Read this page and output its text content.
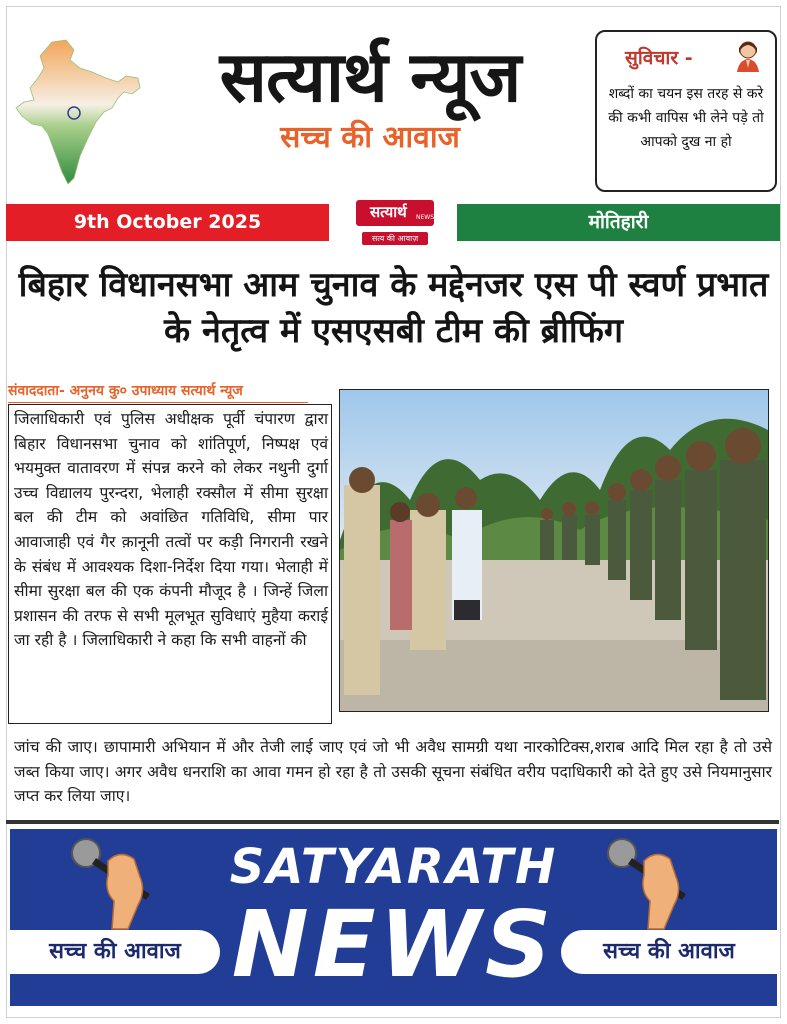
सत्यार्थ न्यूज
सच्च की आवाज
सुविचार -
शब्दों का चयन इस तरह से करे की कभी वापिस भी लेने पड़े तो आपको दुख ना हो
9th October 2025	सत्यार्थ NEWS
सत्य की आवाज़
मोतिहारी
बिहार विधानसभा आम चुनाव के मद्देनजर एस पी स्वर्ण प्रभात के नेतृत्व में एसएसबी टीम की ब्रीफिंग
संवाददाता- अनुनय कु० उपाध्याय सत्यार्थ न्यूज
जिलाधिकारी एवं पुलिस अधीक्षक पूर्वी चंपारण द्वारा बिहार विधानसभा चुनाव को शांतिपूर्ण, निष्पक्ष एवं भयमुक्त वातावरण में संपन्न करने को लेकर नथुनी दुर्गा उच्च विद्यालय पुरन्दरा, भेलाही रक्सौल में सीमा सुरक्षा बल की टीम को अवांछित गतिविधि, सीमा पार आवाजाही एवं गैर क़ानूनी तत्वों पर कड़ी निगरानी रखने के संबंध में आवश्यक दिशा-निर्देश दिया गया। भेलाही में सीमा सुरक्षा बल की एक कंपनी मौजूद है । जिन्हें जिला प्रशासन की तरफ से सभी मूलभूत सुविधाएं मुहैया कराई जा रही है । जिलाधिकारी ने कहा कि सभी वाहनों की
जांच की जाए। छापामारी अभियान में और तेजी लाई जाए एवं जो भी अवैध सामग्री यथा नारकोटिक्स,शराब आदि मिल रहा है तो उसे जब्त किया जाए। अगर अवैध धनराशि का आवा गमन हो रहा है तो उसकी सूचना संबंधित वरीय पदाधिकारी को देते हुए उसे नियमानुसार जप्त कर लिया जाए।
SATYARATH
NEWS
सच्च की आवाज	सच्च की आवाज
